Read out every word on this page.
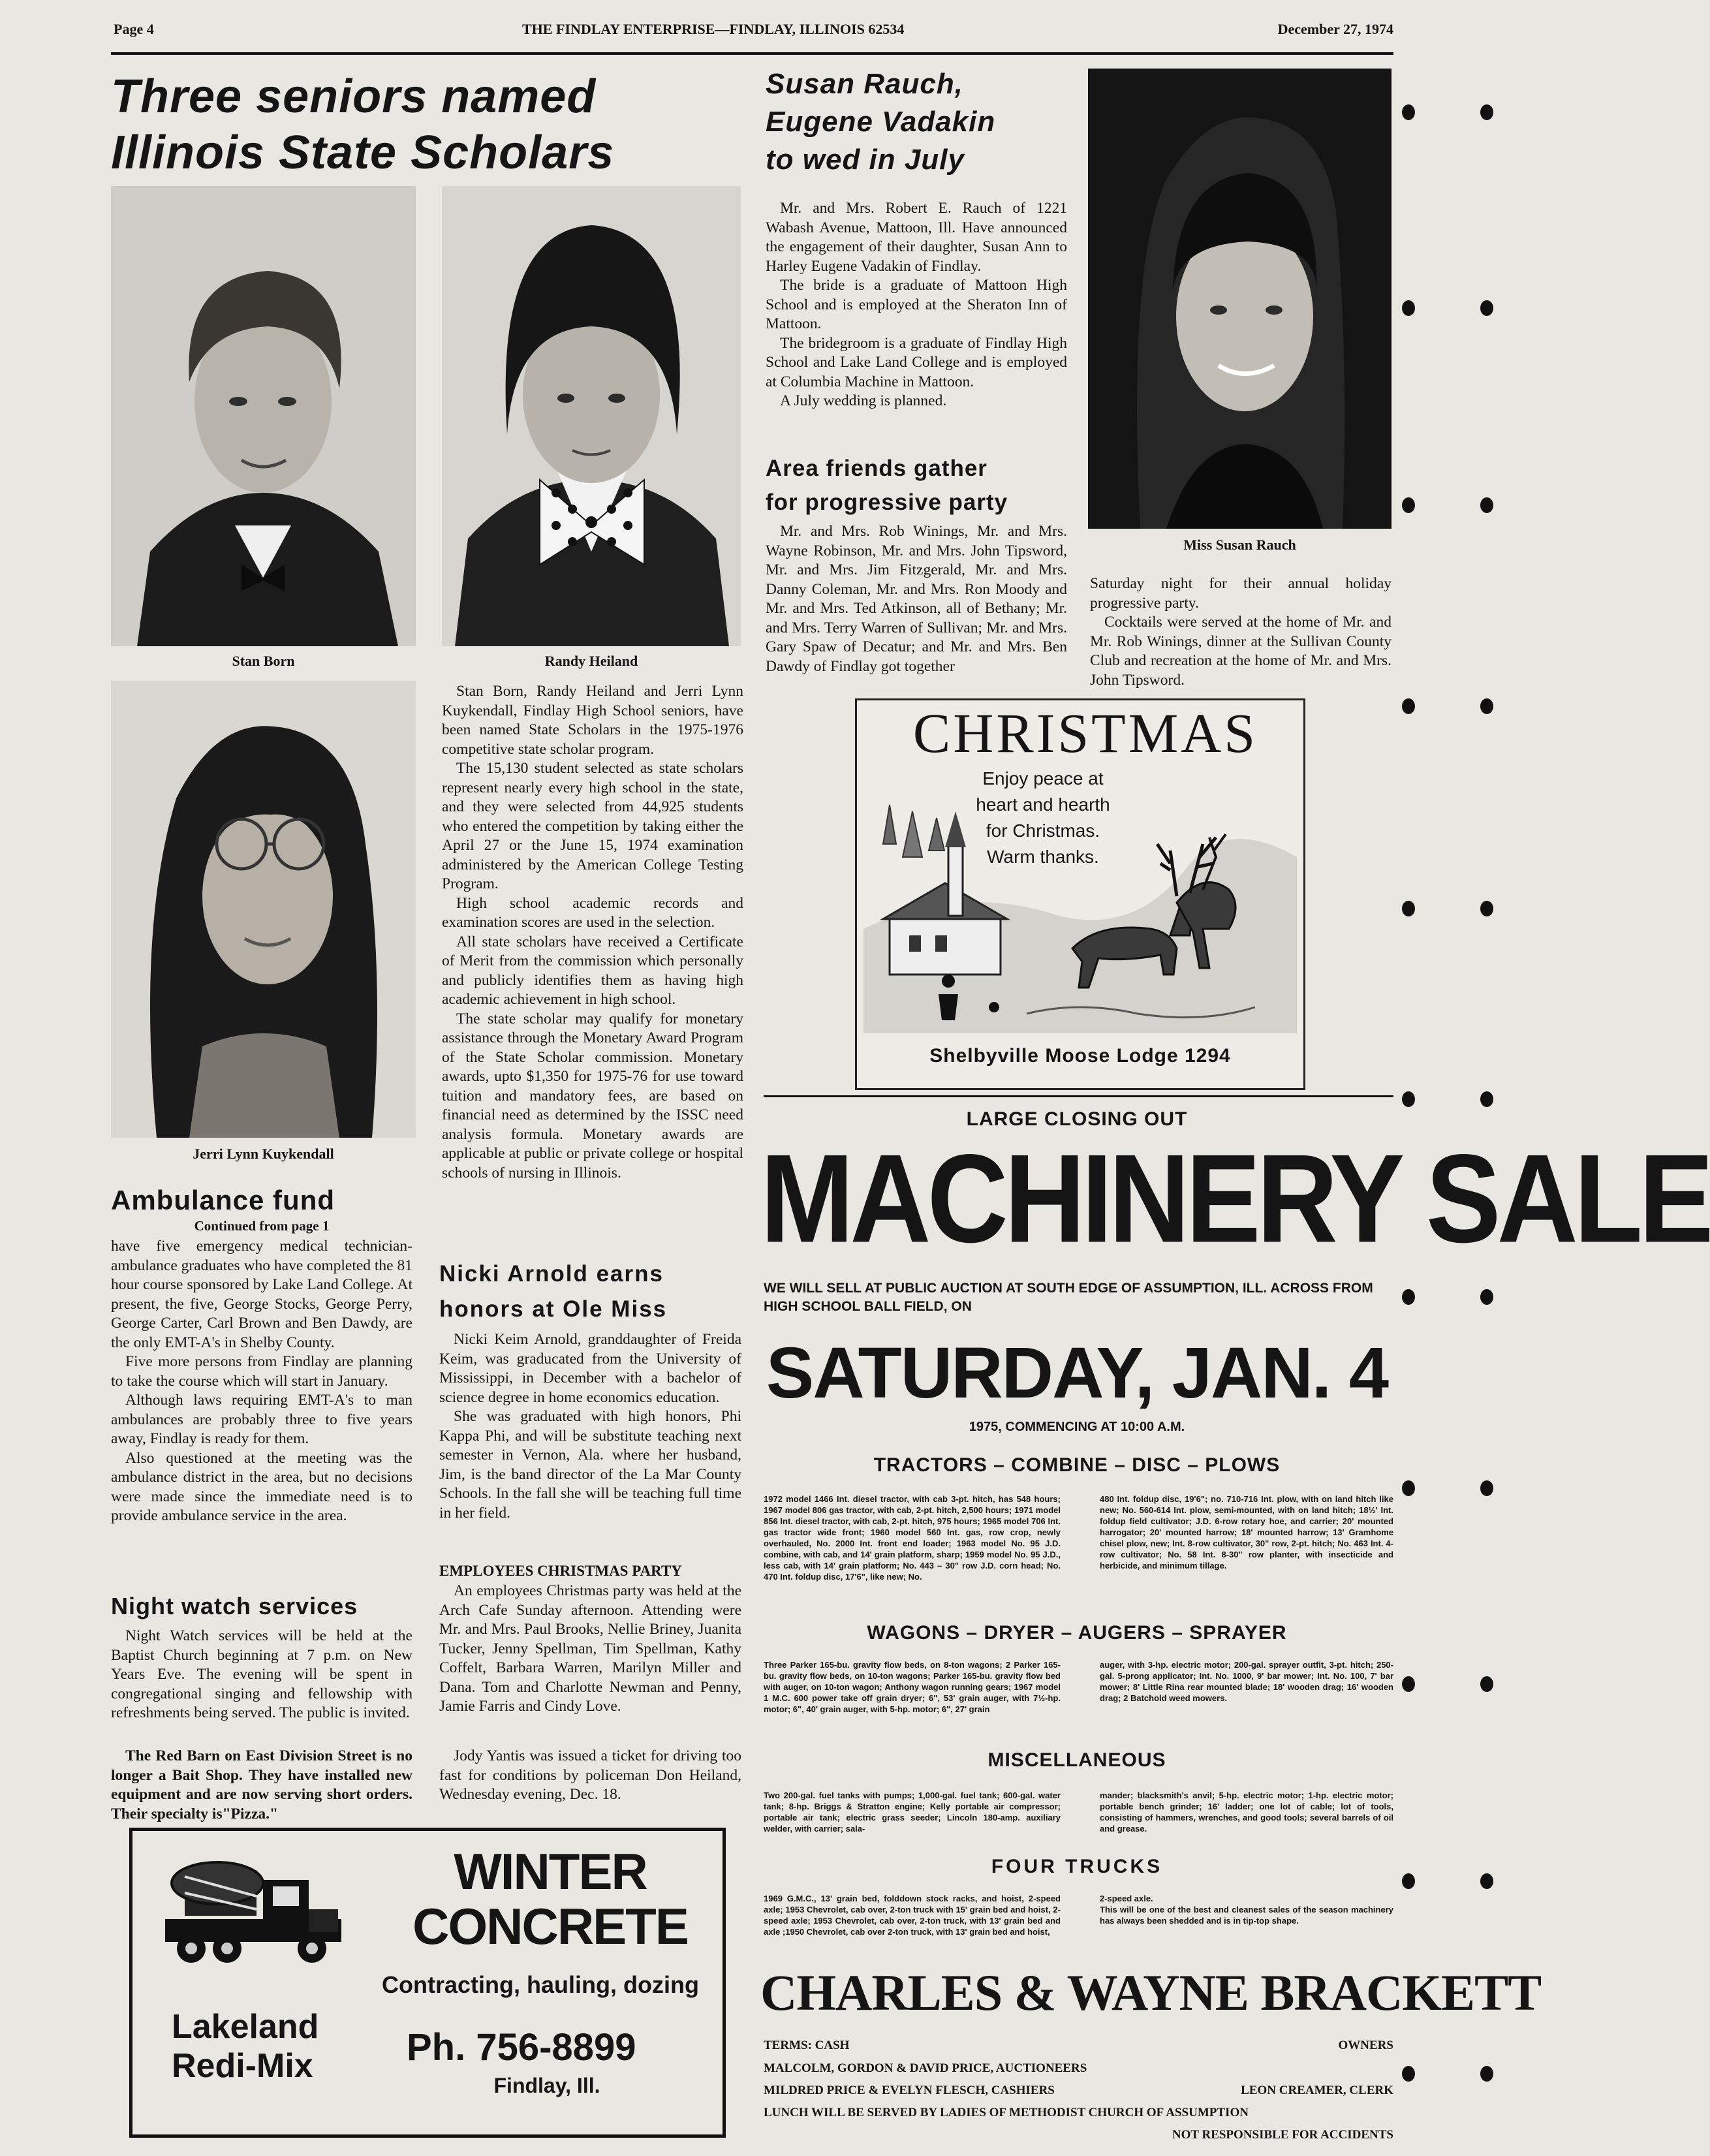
Page 4	THE FINDLAY ENTERPRISE—FINDLAY, ILLINOIS 62534	December 27, 1974
Three seniors named
Illinois State Scholars
Stan Born	Randy Heiland
Jerri Lynn Kuykendall

Stan Born, Randy Heiland and Jerri Lynn Kuykendall, Findlay High School seniors, have been named State Scholars in the 1975-1976 competitive state scholar program.

The 15,130 student selected as state scholars represent nearly every high school in the state, and they were selected from 44,925 students who entered the competition by taking either the April 27 or the June 15, 1974 examination administered by the American College Testing Program.

High school academic records and examination scores are used in the selection.

All state scholars have received a Certificate of Merit from the commission which personally and publicly identifies them as having high academic achievement in high school.

The state scholar may qualify for monetary assistance through the Monetary Award Program of the State Scholar commission. Monetary awards, upto $1,350 for 1975-76 for use toward tuition and mandatory fees, are based on financial need as determined by the ISSC need analysis formula. Monetary awards are applicable at public or private college or hospital schools of nursing in Illinois.

Ambulance fund
Continued from page 1

have five emergency medical technician-ambulance graduates who have completed the 81 hour course sponsored by Lake Land College. At present, the five, George Stocks, George Perry, George Carter, Carl Brown and Ben Dawdy, are the only EMT-A's in Shelby County.

Five more persons from Findlay are planning to take the course which will start in January.

Although laws requiring EMT-A's to man ambulances are probably three to five years away, Findlay is ready for them.

Also questioned at the meeting was the ambulance district in the area, but no decisions were made since the immediate need is to provide ambulance service in the area.

Night watch services

Night Watch services will be held at the Baptist Church beginning at 7 p.m. on New Years Eve. The evening will be spent in congregational singing and fellowship with refreshments being served. The public is invited.

The Red Barn on East Division Street is no longer a Bait Shop. They have installed new equipment and are now serving short orders. Their specialty is"Pizza."

Nicki Arnold earns
honors at Ole Miss

Nicki Keim Arnold, granddaughter of Freida Keim, was graducated from the University of Mississippi, in December with a bachelor of science degree in home economics education.

She was graduated with high honors, Phi Kappa Phi, and will be substitute teaching next semester in Vernon, Ala. where her husband, Jim, is the band director of the La Mar County Schools. In the fall she will be teaching full time in her field.

EMPLOYEES CHRISTMAS PARTY

An employees Christmas party was held at the Arch Cafe Sunday afternoon. Attending were Mr. and Mrs. Paul Brooks, Nellie Briney, Juanita Tucker, Jenny Spellman, Tim Spellman, Kathy Coffelt, Barbara Warren, Marilyn Miller and Dana. Tom and Charlotte Newman and Penny, Jamie Farris and Cindy Love.

Jody Yantis was issued a ticket for driving too fast for conditions by policeman Don Heiland, Wednesday evening, Dec. 18.

WINTER
CONCRETE
Contracting, hauling, dozing
Lakeland
Redi-Mix Ph. 756-8899
Findlay, Ill.
Susan Rauch,
Eugene Vadakin
to wed in July

Mr. and Mrs. Robert E. Rauch of 1221 Wabash Avenue, Mattoon, Ill. Have announced the engagement of their daughter, Susan Ann to Harley Eugene Vadakin of Findlay.

The bride is a graduate of Mattoon High School and is employed at the Sheraton Inn of Mattoon.

The bridegroom is a graduate of Findlay High School and Lake Land College and is employed at Columbia Machine in Mattoon.

A July wedding is planned.

Miss Susan Rauch
Area friends gather
for progressive party

Mr. and Mrs. Rob Winings, Mr. and Mrs. Wayne Robinson, Mr. and Mrs. John Tipsword, Mr. and Mrs. Jim Fitzgerald, Mr. and Mrs. Danny Coleman, Mr. and Mrs. Ron Moody and Mr. and Mrs. Ted Atkinson, all of Bethany; Mr. and Mrs. Terry Warren of Sullivan; Mr. and Mrs. Gary Spaw of Decatur; and Mr. and Mrs. Ben Dawdy of Findlay got together

Saturday night for their annual holiday progressive party.

Cocktails were served at the home of Mr. and Mr. Rob Winings, dinner at the Sullivan County Club and recreation at the home of Mr. and Mrs. John Tipsword.

CHRISTMAS
Enjoy peace at
heart and hearth
for Christmas.
Warm thanks.
Shelbyville Moose Lodge 1294
LARGE CLOSING OUT
MACHINERY SALE
WE WILL SELL AT PUBLIC AUCTION AT SOUTH EDGE OF ASSUMPTION, ILL. ACROSS FROM HIGH SCHOOL BALL FIELD, ON
SATURDAY, JAN. 4
1975, COMMENCING AT 10:00 A.M.
TRACTORS – COMBINE – DISC – PLOWS
1972 model 1466 Int. diesel tractor, with cab 3-pt. hitch, has 548 hours; 1967 model 806 gas tractor, with cab, 2-pt. hitch, 2,500 hours; 1971 model 856 Int. diesel tractor, with cab, 2-pt. hitch, 975 hours; 1965 model 706 Int. gas tractor wide front; 1960 model 560 Int. gas, row crop, newly overhauled, No. 2000 Int. front end loader; 1963 model No. 95 J.D. combine, with cab, and 14' grain platform, sharp; 1959 model No. 95 J.D., less cab, with 14' grain platform; No. 443 – 30" row J.D. corn head; No. 470 Int. foldup disc, 17'6", like new; No.
480 Int. foldup disc, 19'6"; no. 710-716 Int. plow, with on land hitch like new; No. 560-614 Int. plow, semi-mounted, with on land hitch; 18½' Int. foldup field cultivator; J.D. 6-row rotary hoe, and carrier; 20' mounted harrogator; 20' mounted harrow; 18' mounted harrow; 13' Gramhome chisel plow, new; Int. 8-row cultivator, 30" row, 2-pt. hitch; No. 463 Int. 4-row cultivator; No. 58 Int. 8-30" row planter, with insecticide and herbicide, and minimum tillage.
WAGONS – DRYER – AUGERS – SPRAYER
Three Parker 165-bu. gravity flow beds, on 8-ton wagons; 2 Parker 165-bu. gravity flow beds, on 10-ton wagons; Parker 165-bu. gravity flow bed with auger, on 10-ton wagon; Anthony wagon running gears; 1967 model 1 M.C. 600 power take off grain dryer; 6", 53' grain auger, with 7½-hp. motor; 6", 40' grain auger, with 5-hp. motor; 6", 27' grain
auger, with 3-hp. electric motor; 200-gal. sprayer outfit, 3-pt. hitch; 250-gal. 5-prong applicator; Int. No. 1000, 9' bar mower; Int. No. 100, 7' bar mower; 8' Little Rina rear mounted blade; 18' wooden drag; 16' wooden drag; 2 Batchold weed mowers.
MISCELLANEOUS
Two 200-gal. fuel tanks with pumps; 1,000-gal. fuel tank; 600-gal. water tank; 8-hp. Briggs & Stratton engine; Kelly portable air compressor; portable air tank; electric grass seeder; Lincoln 180-amp. auxiliary welder, with carrier; sala-
mander; blacksmith's anvil; 5-hp. electric motor; 1-hp. electric motor; portable bench grinder; 16' ladder; one lot of cable; lot of tools, consisting of hammers, wrenches, and good tools; several barrels of oil and grease.
FOUR TRUCKS
1969 G.M.C., 13' grain bed, folddown stock racks, and hoist, 2-speed axle; 1953 Chevrolet, cab over, 2-ton truck with 15' grain bed and hoist, 2-speed axle; 1953 Chevrolet, cab over, 2-ton truck, with 13' grain bed and axle ;1950 Chevrolet, cab over 2-ton truck, with 13' grain bed and hoist,
2-speed axle.
This will be one of the best and cleanest sales of the season machinery has always been shedded and is in tip-top shape.
CHARLES & WAYNE BRACKETT
TERMS: CASH	OWNERS
MALCOLM, GORDON & DAVID PRICE, AUCTIONEERS
MILDRED PRICE & EVELYN FLESCH, CASHIERS	LEON CREAMER, CLERK
LUNCH WILL BE SERVED BY LADIES OF METHODIST CHURCH OF ASSUMPTION
NOT RESPONSIBLE FOR ACCIDENTS
